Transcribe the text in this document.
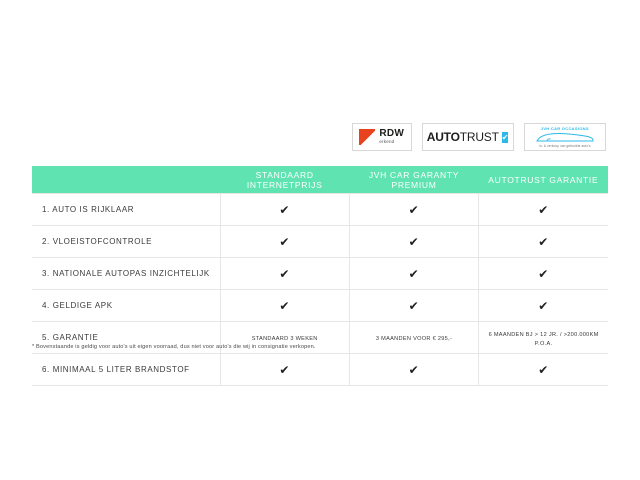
RDW
erkend	AUTOTRUST ✔
JVH CAR OCCASIONS
in- & verkoop van gebruikte auto's
	STANDAARD INTERNETPRIJS	JVH CAR GARANTY PREMIUM	AUTOTRUST GARANTIE
1. AUTO IS RIJKLAAR	✔	✔	✔
2. VLOEISTOFCONTROLE	✔	✔	✔
3. NATIONALE AUTOPAS INZICHTELIJK	✔	✔	✔
4. GELDIGE APK	✔	✔	✔
5. GARANTIE	STANDAARD 3 WEKEN	3 MAANDEN VOOR € 295,-	6 MAANDEN BJ > 12 JR. / >200.000KM P.O.A.
6. MINIMAAL 5 LITER BRANDSTOF	✔	✔	✔
* Bovenstaande is geldig voor auto's uit eigen voorraad, dus niet voor auto's die wij in consignatie verkopen.
